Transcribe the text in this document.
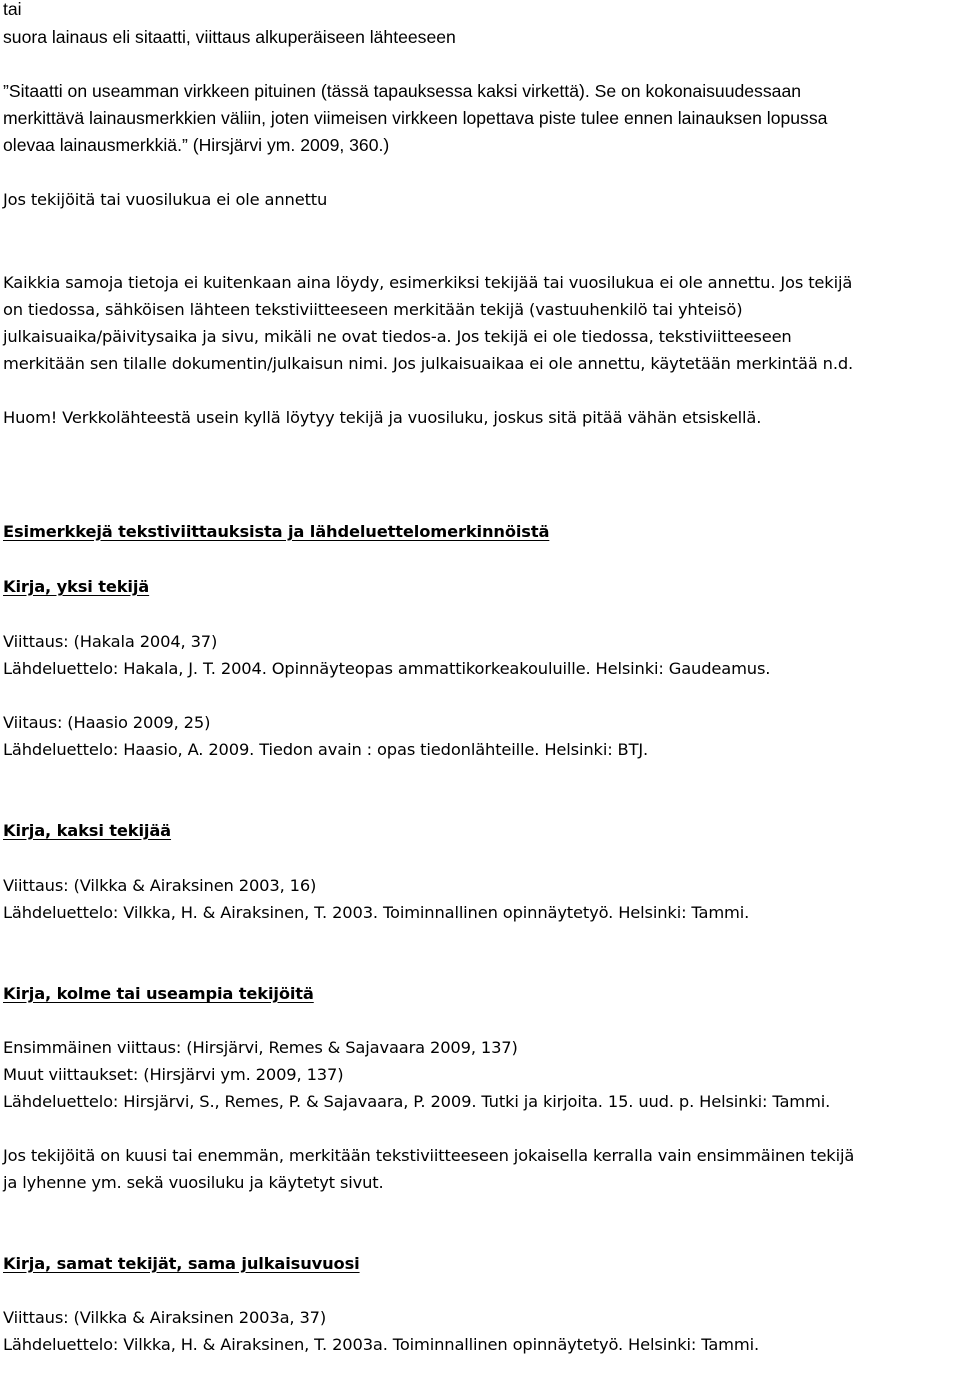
tai

suora lainaus eli sitaatti, viittaus alkuperäiseen lähteeseen

”Sitaatti on useamman virkkeen pituinen (tässä tapauksessa kaksi virkettä). Se on kokonaisuudessaan

merkittävä lainausmerkkien väliin, joten viimeisen virkkeen lopettava piste tulee ennen lainauksen lopussa

olevaa lainausmerkkiä.” (Hirsjärvi ym. 2009, 360.)

Jos tekijöitä tai vuosilukua ei ole annettu

Kaikkia samoja tietoja ei kuitenkaan aina löydy, esimerkiksi tekijää tai vuosilukua ei ole annettu. Jos tekijä

on tiedossa, sähköisen lähteen tekstiviitteeseen merkitään tekijä (vastuuhenkilö tai yhteisö)

julkaisuaika/päivitysaika ja sivu, mikäli ne ovat tiedos-a. Jos tekijä ei ole tiedossa, tekstiviitteeseen

merkitään sen tilalle dokumentin/julkaisun nimi. Jos julkaisuaikaa ei ole annettu, käytetään merkintää n.d.

Huom! Verkkolähteestä usein kyllä löytyy tekijä ja vuosiluku, joskus sitä pitää vähän etsiskellä.

Esimerkkejä tekstiviittauksista ja lähdeluettelomerkinnöistä

Kirja, yksi tekijä

Viittaus: (Hakala 2004, 37)

Lähdeluettelo: Hakala, J. T. 2004. Opinnäyteopas ammattikorkeakouluille. Helsinki: Gaudeamus.

Viitaus: (Haasio 2009, 25)

Lähdeluettelo: Haasio, A. 2009. Tiedon avain : opas tiedonlähteille. Helsinki: BTJ.

Kirja, kaksi tekijää

Viittaus: (Vilkka & Airaksinen 2003, 16)

Lähdeluettelo: Vilkka, H. & Airaksinen, T. 2003. Toiminnallinen opinnäytetyö. Helsinki: Tammi.

Kirja, kolme tai useampia tekijöitä

Ensimmäinen viittaus: (Hirsjärvi, Remes & Sajavaara 2009, 137)

Muut viittaukset: (Hirsjärvi ym. 2009, 137)

Lähdeluettelo: Hirsjärvi, S., Remes, P. & Sajavaara, P. 2009. Tutki ja kirjoita. 15. uud. p. Helsinki: Tammi.

Jos tekijöitä on kuusi tai enemmän, merkitään tekstiviitteeseen jokaisella kerralla vain ensimmäinen tekijä

ja lyhenne ym. sekä vuosiluku ja käytetyt sivut.

Kirja, samat tekijät, sama julkaisuvuosi

Viittaus: (Vilkka & Airaksinen 2003a, 37)

Lähdeluettelo: Vilkka, H. & Airaksinen, T. 2003a. Toiminnallinen opinnäytetyö. Helsinki: Tammi.
